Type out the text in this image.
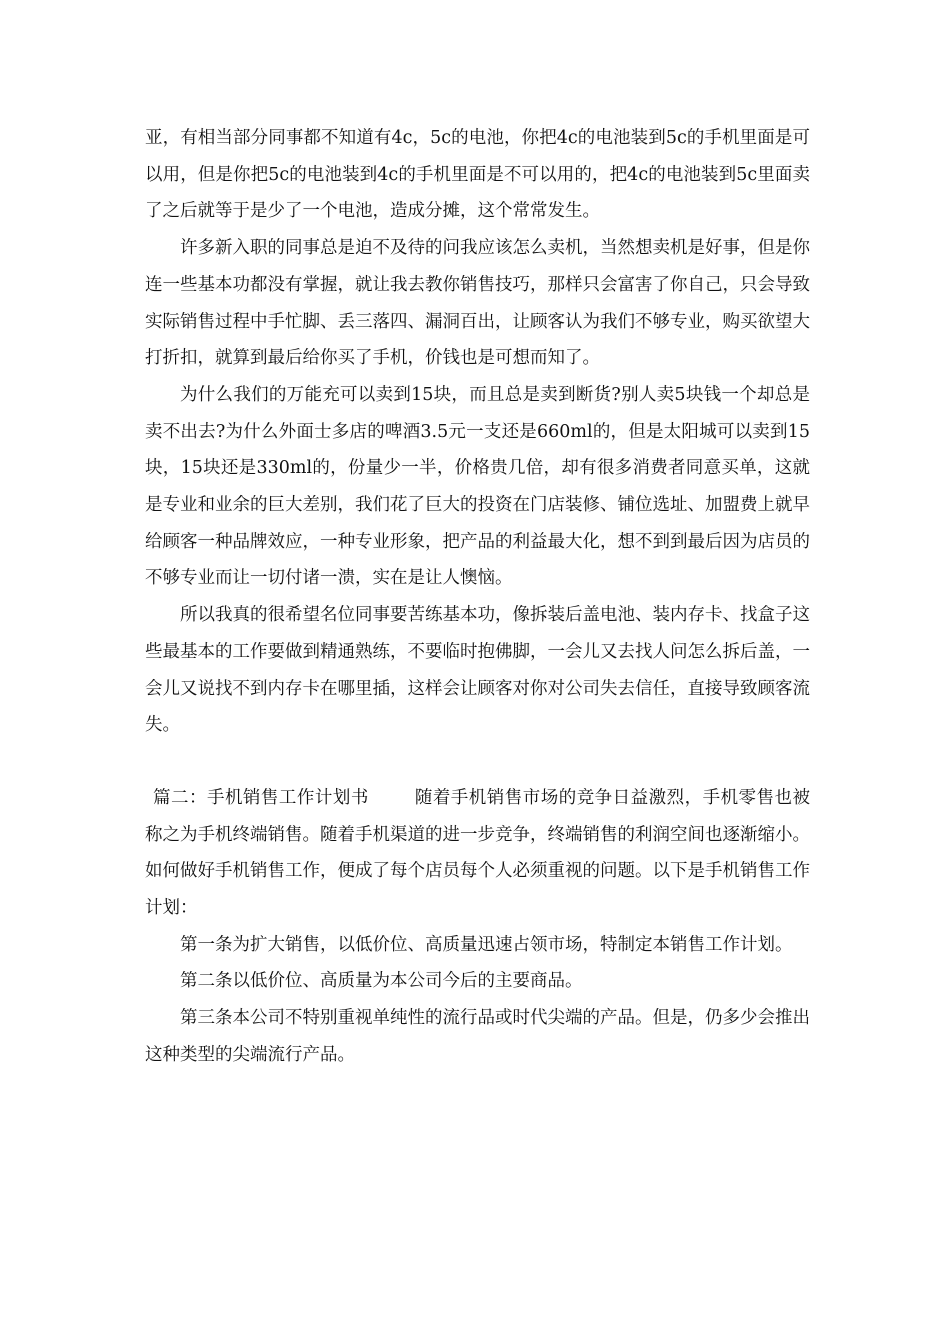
亚，有相当部分同事都不知道有4c，5c的电池，你把4c的电池装到5c的手机里面是可以用，但是你把5c的电池装到4c的手机里面是不可以用的，把4c的电池装到5c里面卖了之后就等于是少了一个电池，造成分摊，这个常常发生。

许多新入职的同事总是迫不及待的问我应该怎么卖机，当然想卖机是好事，但是你连一些基本功都没有掌握，就让我去教你销售技巧，那样只会富害了你自己，只会导致实际销售过程中手忙脚、丢三落四、漏洞百出，让顾客认为我们不够专业，购买欲望大打折扣，就算到最后给你买了手机，价钱也是可想而知了。

为什么我们的万能充可以卖到15块，而且总是卖到断货?别人卖5块钱一个却总是卖不出去?为什么外面士多店的啤酒3.5元一支还是660ml的，但是太阳城可以卖到15块，15块还是330ml的，份量少一半，价格贵几倍，却有很多消费者同意买单，这就是专业和业余的巨大差别，我们花了巨大的投资在门店装修、铺位选址、加盟费上就早给顾客一种品牌效应，一种专业形象，把产品的利益最大化，想不到到最后因为店员的不够专业而让一切付诸一溃，实在是让人懊恼。

所以我真的很希望名位同事要苦练基本功，像拆装后盖电池、装内存卡、找盒子这些最基本的工作要做到精通熟练，不要临时抱佛脚，一会儿又去找人问怎么拆后盖，一会儿又说找不到内存卡在哪里插，这样会让顾客对你对公司失去信任，直接导致顾客流失。

篇二：手机销售工作计划书	随着手机销售市场的竞争日益激烈，手机零售也被称之为手机终端销售。随着手机渠道的进一步竞争，终端销售的利润空间也逐渐缩小。如何做好手机销售工作，便成了每个店员每个人必须重视的问题。以下是手机销售工作计划：

第一条为扩大销售，以低价位、高质量迅速占领市场，特制定本销售工作计划。

第二条以低价位、高质量为本公司今后的主要商品。

第三条本公司不特别重视单纯性的流行品或时代尖端的产品。但是，仍多少会推出这种类型的尖端流行产品。
